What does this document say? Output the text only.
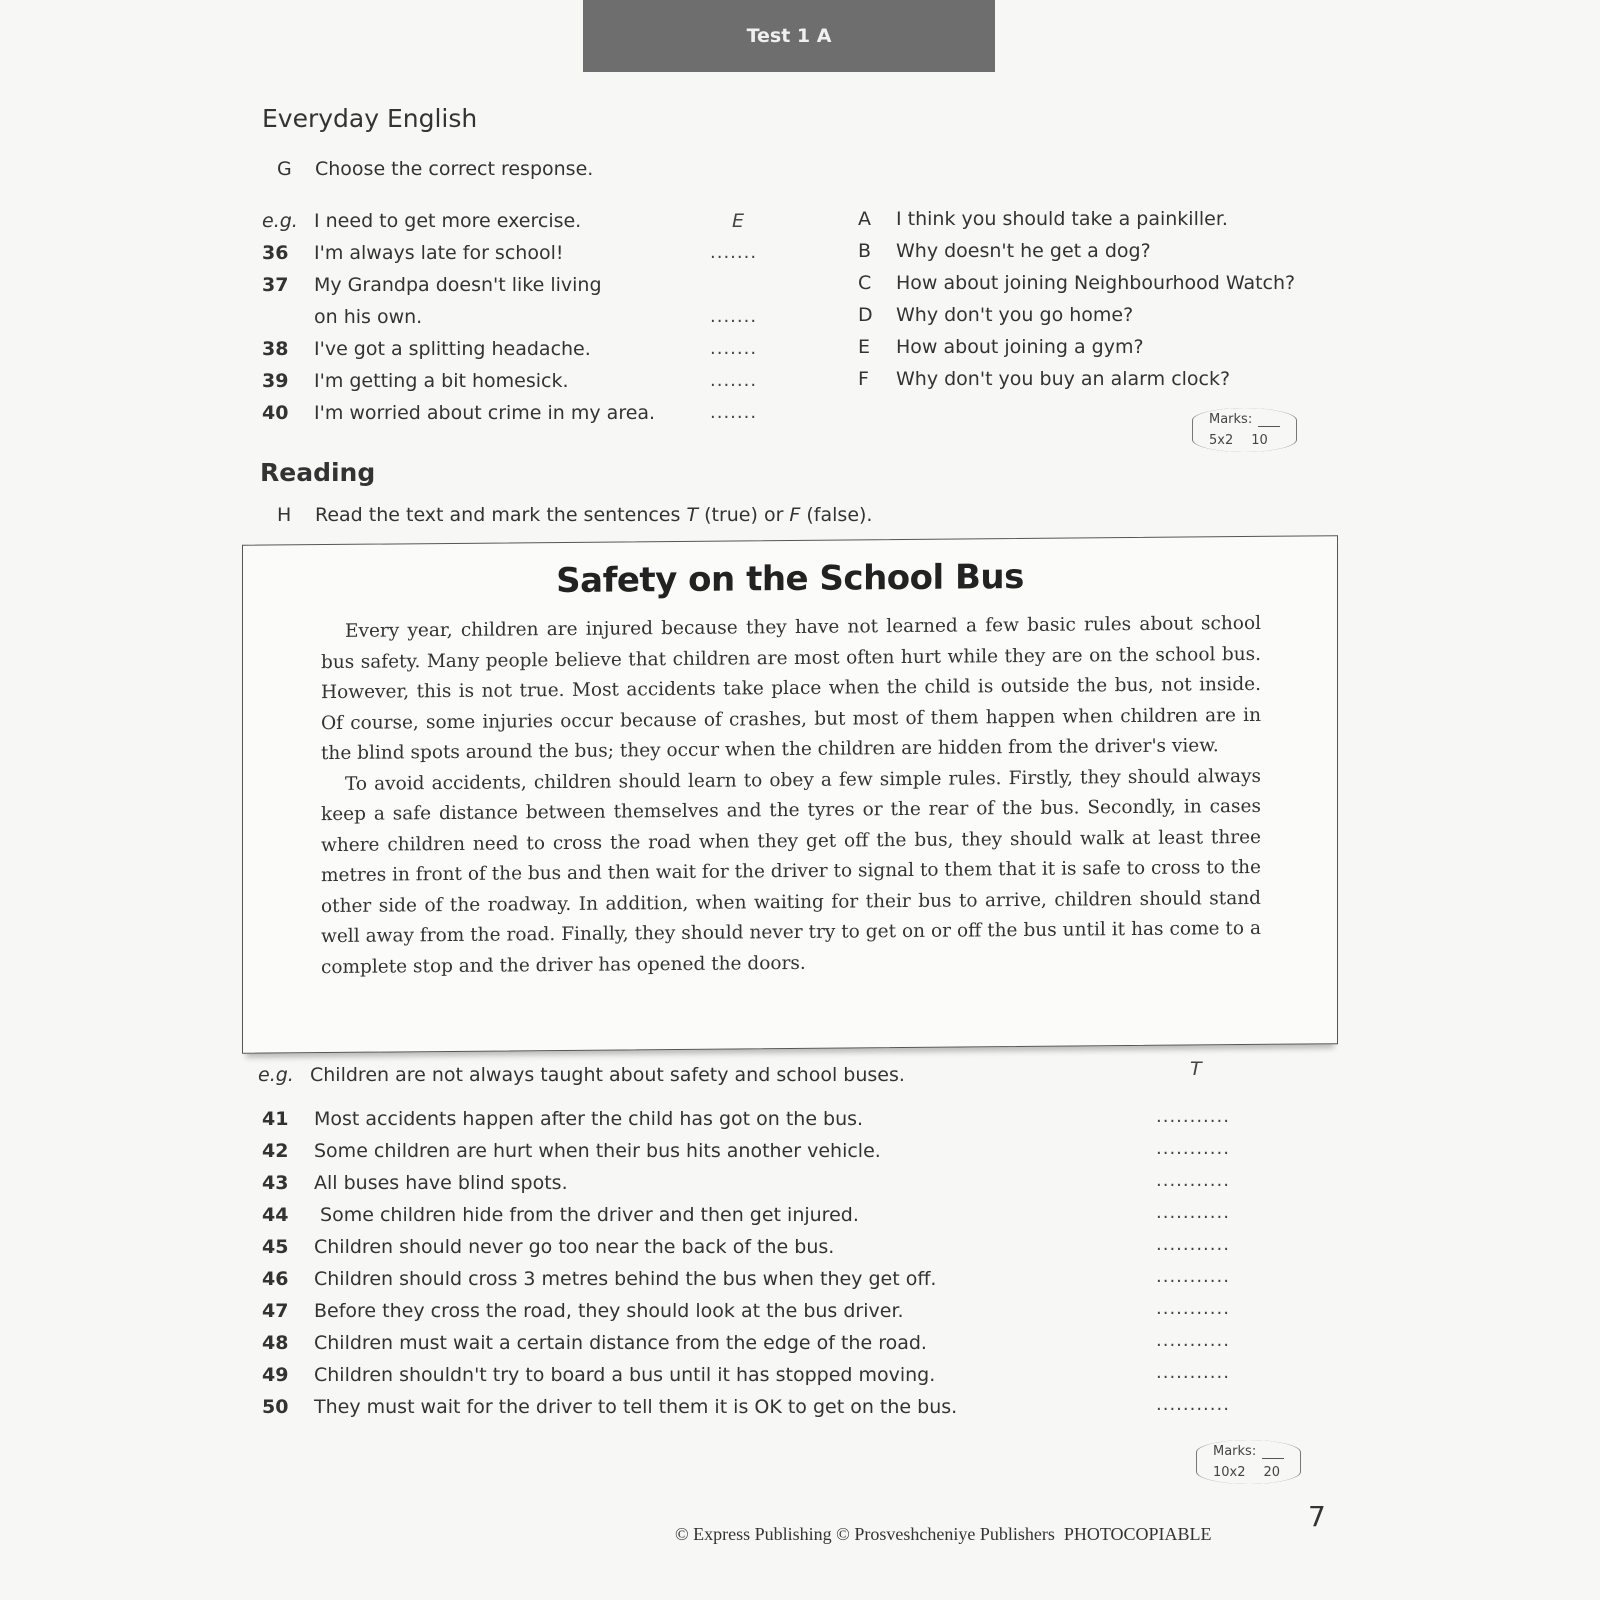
Test 1 A
Everyday English
G Choose the correct response.
e.g. I need to get more exercise.	E
36 I'm always late for school!	.......
37 My Grandpa doesn't like living
on his own.	.......
38 I've got a splitting headache.	.......
39 I'm getting a bit homesick.	.......
40 I'm worried about crime in my area.	.......
A I think you should take a painkiller.
B Why doesn't he get a dog?
C How about joining Neighbourhood Watch?
D Why don't you go home?
E How about joining a gym?
F Why don't you buy an alarm clock?
Marks:
5x2 10
Reading
H Read the text and mark the sentences T (true) or F (false).
Safety on the School Bus

Every year, children are injured because they have not learned a few basic rules about school bus safety. Many people believe that children are most often hurt while they are on the school bus. However, this is not true. Most accidents take place when the child is outside the bus, not inside. Of course, some injuries occur because of crashes, but most of them happen when children are in the blind spots around the bus; they occur when the children are hidden from the driver's view.

To avoid accidents, children should learn to obey a few simple rules. Firstly, they should always keep a safe distance between themselves and the tyres or the rear of the bus. Secondly, in cases where children need to cross the road when they get off the bus, they should walk at least three metres in front of the bus and then wait for the driver to signal to them that it is safe to cross to the other side of the roadway. In addition, when waiting for their bus to arrive, children should stand well away from the road. Finally, they should never try to get on or off the bus until it has come to a complete stop and the driver has opened the doors.

e.g. Children are not always taught about safety and school buses.	T
41 Most accidents happen after the child has got on the bus.	...........
42 Some children are hurt when their bus hits another vehicle.	...........
43 All buses have blind spots.	...........
44 Some children hide from the driver and then get injured.	...........
45 Children should never go too near the back of the bus.	...........
46 Children should cross 3 metres behind the bus when they get off.	...........
47 Before they cross the road, they should look at the bus driver.	...........
48 Children must wait a certain distance from the edge of the road.	...........
49 Children shouldn't try to board a bus until it has stopped moving.	...........
50 They must wait for the driver to tell them it is OK to get on the bus.	...........
Marks:
10x2 20
© Express Publishing © Prosveshcheniye Publishers PHOTOCOPIABLE
7
